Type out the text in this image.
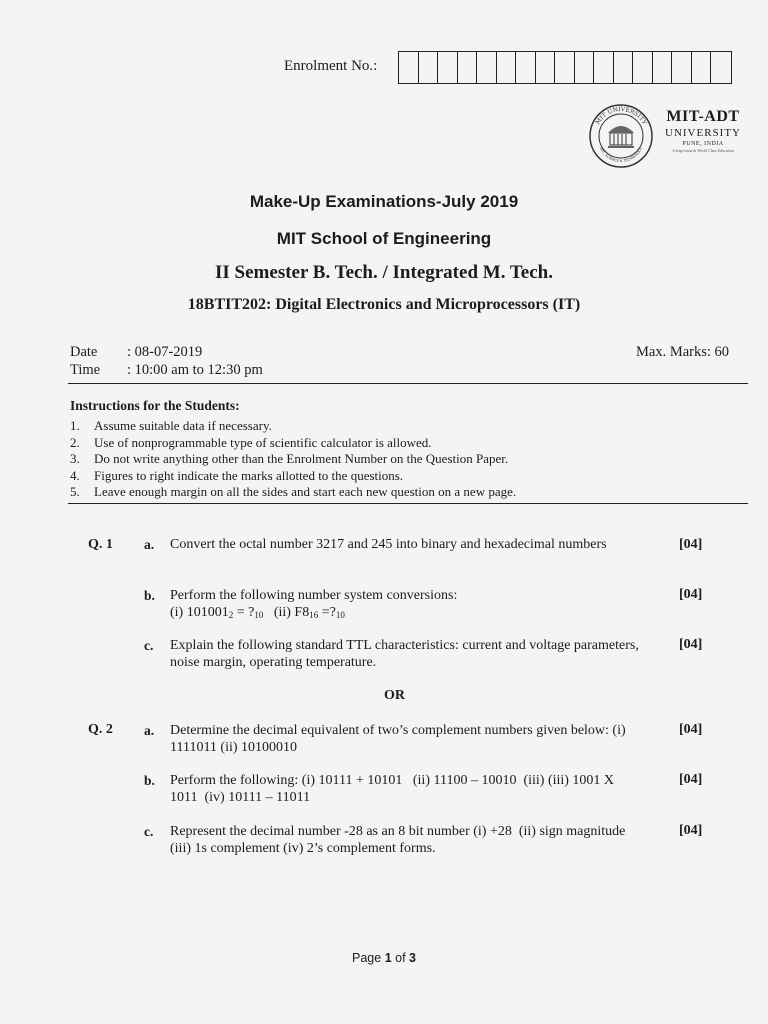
Enrolment No.:
MIT UNIVERSITY
ART, SCIENCE & TECHNOLOGY
MIT-ADT
UNIVERSITY
PUNE, INDIA
A leap towards World Class Education
Make-Up Examinations-July 2019
MIT School of Engineering
II Semester B. Tech. / Integrated M. Tech.
18BTIT202: Digital Electronics and Microprocessors (IT)
Date : 08-07-2019
Time : 10:00 am to 12:30 pm
Max. Marks: 60
Instructions for the Students:
1.	Assume suitable data if necessary.
2.	Use of nonprogrammable type of scientific calculator is allowed.
3.	Do not write anything other than the Enrolment Number on the Question Paper.
4.	Figures to right indicate the marks allotted to the questions.
5.	Leave enough margin on all the sides and start each new question on a new page.
Q. 1 a. Convert the octal number 3217 and 245 into binary and hexadecimal numbers	[04]
b. Perform the following number system conversions:
(i) $101001_2$ = $?_{10}$   (ii) $F8_{16}$ $=?_{10}$
[04]
c. Explain the following standard TTL characteristics: current and voltage parameters, noise margin, operating temperature.
[04]
OR
Q. 2 a. Determine the decimal equivalent of two’s complement numbers given below: (i) 1111011 (ii) 10100010
[04]
b. Perform the following: (i) 10111 + 10101   (ii) 11100 – 10010  (iii) (iii) 1001 X 1011  (iv) 10111 – 11011
[04]
c. Represent the decimal number -28 as an 8 bit number (i) +28  (ii) sign magnitude   (iii) 1s complement (iv) 2’s complement forms.
[04]
Page 1 of 3
